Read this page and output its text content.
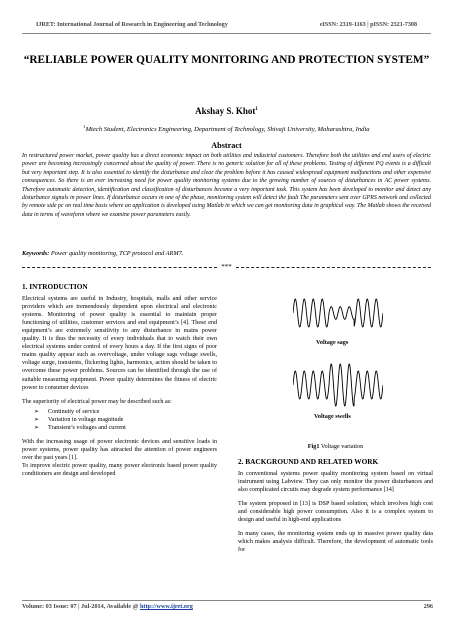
IJRET: International Journal of Research in Engineering and Technology	eISSN: 2319-1163 | pISSN: 2321-7308
“RELIABLE POWER QUALITY MONITORING AND PROTECTION SYSTEM”
Akshay S. Khot$^1$
$^1$Mtech Student, Electronics Engineering, Department of Technology, Shivaji University, Maharashtra, India
Abstract
In restructured power market, power quality has a direct economic impact on both utilities and industrial customers. Therefore both the utilities and end users of electric power are becoming increasingly concerned about the quality of power. There is no generic solution for all of these problems. Testing of different PQ events is a difficult but very important step. It is also essential to identify the disturbance and clear the problem before it has caused widespread equipment malfunctions and other expensive consequences. So there is an ever increasing need for power quality monitoring systems due to the growing number of sources of disturbances in AC power systems. Therefore automatic detection, identification and classification of disturbances become a very important task. This system has been developed to monitor and detect any disturbance signals in power lines. If disturbance occurs in one of the phase, monitoring system will detect the fault The parameters sent over GPRS network and collected by remote side pc on real time basis where an application is developed using Matlab in which we can get monitoring data in graphical way. The Matlab shows the received data in terms of waveform where we examine power parameters easily.
Keywords: Power quality monitoring, TCP protocol and ARM7.
***
1. INTRODUCTION

Electrical systems are useful in Industry, hospitals, malls and other service providers which are tremendously dependent upon electrical and electronic systems. Monitoring of power quality is essential to maintain proper functioning of utilities, customer services and end equipment’s [4]. These end equipment’s are extremely sensitivity to any disturbance in mains power quality. It is thus the necessity of every individuals that to watch their own electrical systems under control of every hours a day. If the first signs of poor mains quality appear such as overvoltage, under voltage sags voltage swells, voltage surge, transients, flickering lights, harmonics, action should be taken to overcome these power problems. Sources can be identified through the use of suitable measuring equipment. Power quality determines the fitness of electric power to consumer devices

The superiority of electrical power may be described such as:

➢ Continuity of service
➢ Variation in voltage magnitude
➢ Transient’s voltages and current

With the increasing usage of power electronic devices and sensitive loads in power systems, power quality has attracted the attention of power engineers over the past years [1].

To improve electric power quality, many power electronic based power quality conditioners are design and developed

Voltage sags
Voltage swells
Fig1 Voltage variation
2. BACKGROUND AND RELATED WORK

In conventional systems power quality monitoring system based on virtual instrument using Labview. They can only monitor the power disturbances and also complicated circuits may degrade system performance [14]

The system proposed in [13] is DSP based solution, which involves high cost and considerable high power consumption. Also it is a complex system to design and useful in high-end applications

In many cases, the monitoring system ends up in massive power quality data which makes analysis difficult. Therefore, the development of automatic tools for

Volume: 03 Issue: 07 | Jul-2014, Available @ http://www.ijret.org	296
